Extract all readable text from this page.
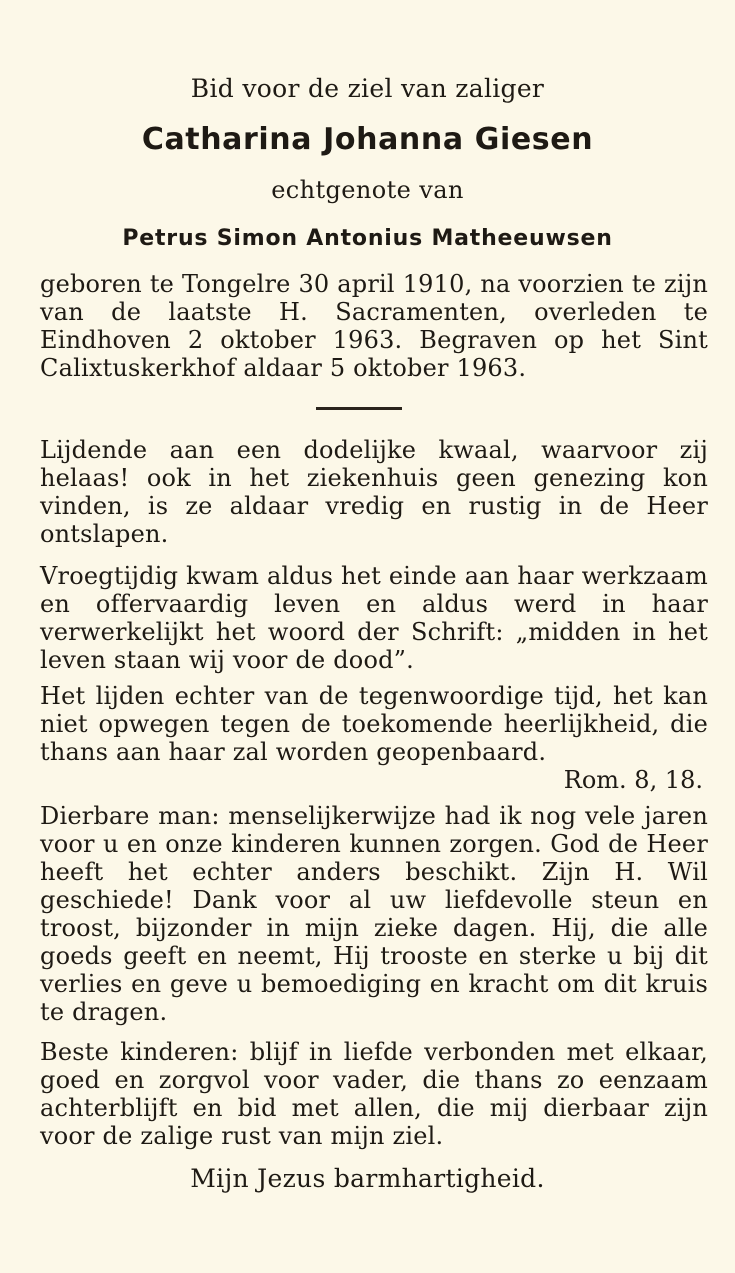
Bid voor de ziel van zaliger
Catharina Johanna Giesen
echtgenote van
Petrus Simon Antonius Matheeuwsen
geboren te Tongelre 30 april 1910, na voorzien te zijn van de laatste H. Sacramenten, overleden te Eindhoven 2 oktober 1963. Begraven op het Sint Calixtuskerkhof aldaar 5 oktober 1963.
Lijdende aan een dodelijke kwaal, waarvoor zij helaas! ook in het ziekenhuis geen genezing kon vinden, is ze aldaar vredig en rustig in de Heer ontslapen.
Vroegtijdig kwam aldus het einde aan haar werkzaam en offervaardig leven en aldus werd in haar verwerkelijkt het woord der Schrift: „midden in het leven staan wij voor de dood”.
Het lijden echter van de tegenwoordige tijd, het kan niet opwegen tegen de toekomende heerlijkheid, die thans aan haar zal worden geopenbaard.
Rom. 8, 18.
Dierbare man: menselijkerwijze had ik nog vele jaren voor u en onze kinderen kunnen zorgen. God de Heer heeft het echter anders beschikt. Zijn H. Wil geschiede! Dank voor al uw liefdevolle steun en troost, bijzonder in mijn zieke dagen. Hij, die alle goeds geeft en neemt, Hij trooste en sterke u bij dit verlies en geve u bemoediging en kracht om dit kruis te dragen.
Beste kinderen: blijf in liefde verbonden met elkaar, goed en zorgvol voor vader, die thans zo eenzaam achterblijft en bid met allen, die mij dierbaar zijn voor de zalige rust van mijn ziel.
Mijn Jezus barmhartigheid.
